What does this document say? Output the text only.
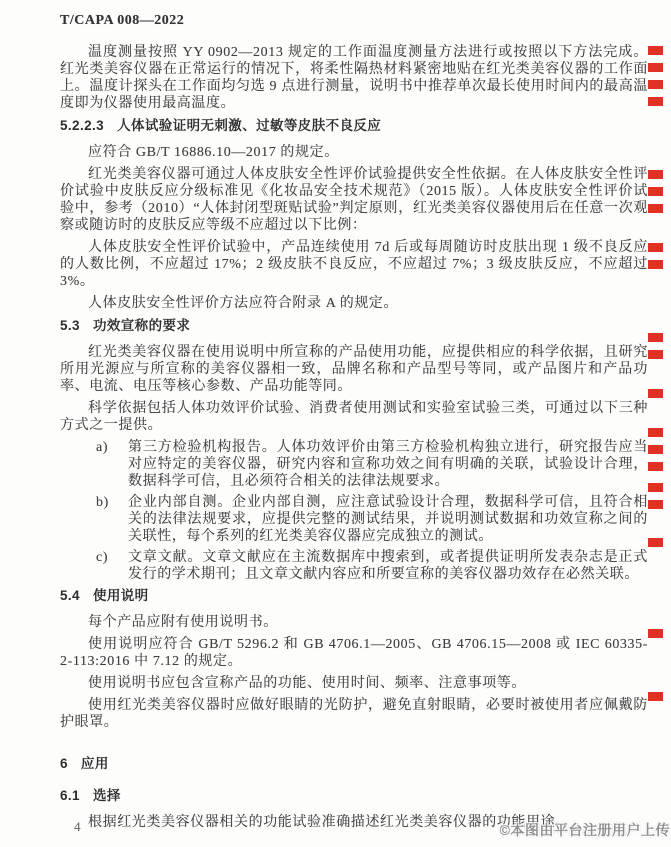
T/CAPA 008—2022
温度测量按照 YY 0902—2013 规定的工作面温度测量方法进行或按照以下方法完成。红光类美容仪器在正常运行的情况下，将柔性隔热材料紧密地贴在红光类美容仪器的工作面上。温度计探头在工作面均匀选 9 点进行测量，说明书中推荐单次最长使用时间内的最高温度即为仪器使用最高温度。
5.2.2.3 人体试验证明无刺激、过敏等皮肤不良反应
应符合 GB/T 16886.10—2017 的规定。
红光类美容仪器可通过人体皮肤安全性评价试验提供安全性依据。在人体皮肤安全性评价试验中皮肤反应分级标准见《化妆品安全技术规范》（2015 版）。人体皮肤安全性评价试验中，参考（2010）“人体封闭型斑贴试验”判定原则，红光类美容仪器使用后在任意一次观察或随访时的皮肤反应等级不应超过以下比例：
人体皮肤安全性评价试验中，产品连续使用 7d 后或每周随访时皮肤出现 1 级不良反应的人数比例，不应超过 17%；2 级皮肤不良反应，不应超过 7%；3 级皮肤反应，不应超过 3%。
人体皮肤安全性评价方法应符合附录 A 的规定。
5.3 功效宣称的要求
红光类美容仪器在使用说明中所宣称的产品使用功能，应提供相应的科学依据，且研究所用光源应与所宣称的美容仪器相一致，品牌名称和产品型号等同，或产品图片和产品功率、电流、电压等核心参数、产品功能等同。
科学依据包括人体功效评价试验、消费者使用测试和实验室试验三类，可通过以下三种方式之一提供。
a) 第三方检验机构报告。人体功效评价由第三方检验机构独立进行，研究报告应当对应特定的美容仪器，研究内容和宣称功效之间有明确的关联，试验设计合理，数据科学可信，且必须符合相关的法律法规要求。
b) 企业内部自测。企业内部自测，应注意试验设计合理，数据科学可信，且符合相关的法律法规要求，应提供完整的测试结果，并说明测试数据和功效宣称之间的关联性，每个系列的红光类美容仪器应完成独立的测试。
c) 文章文献。文章文献应在主流数据库中搜索到，或者提供证明所发表杂志是正式发行的学术期刊；且文章文献内容应和所要宣称的美容仪器功效存在必然关联。
5.4 使用说明
每个产品应附有使用说明书。
使用说明应符合 GB/T 5296.2 和 GB 4706.1—2005、GB 4706.15—2008 或 IEC 60335-2-113:2016 中 7.12 的规定。
使用说明书应包含宣称产品的功能、使用时间、频率、注意事项等。
使用红光类美容仪器时应做好眼睛的光防护，避免直射眼睛，必要时被使用者应佩戴防护眼罩。
6 应用
6.1 选择
根据红光类美容仪器相关的功能试验准确描述红光类美容仪器的功能用途。
4	©本图由平台注册用户上传
